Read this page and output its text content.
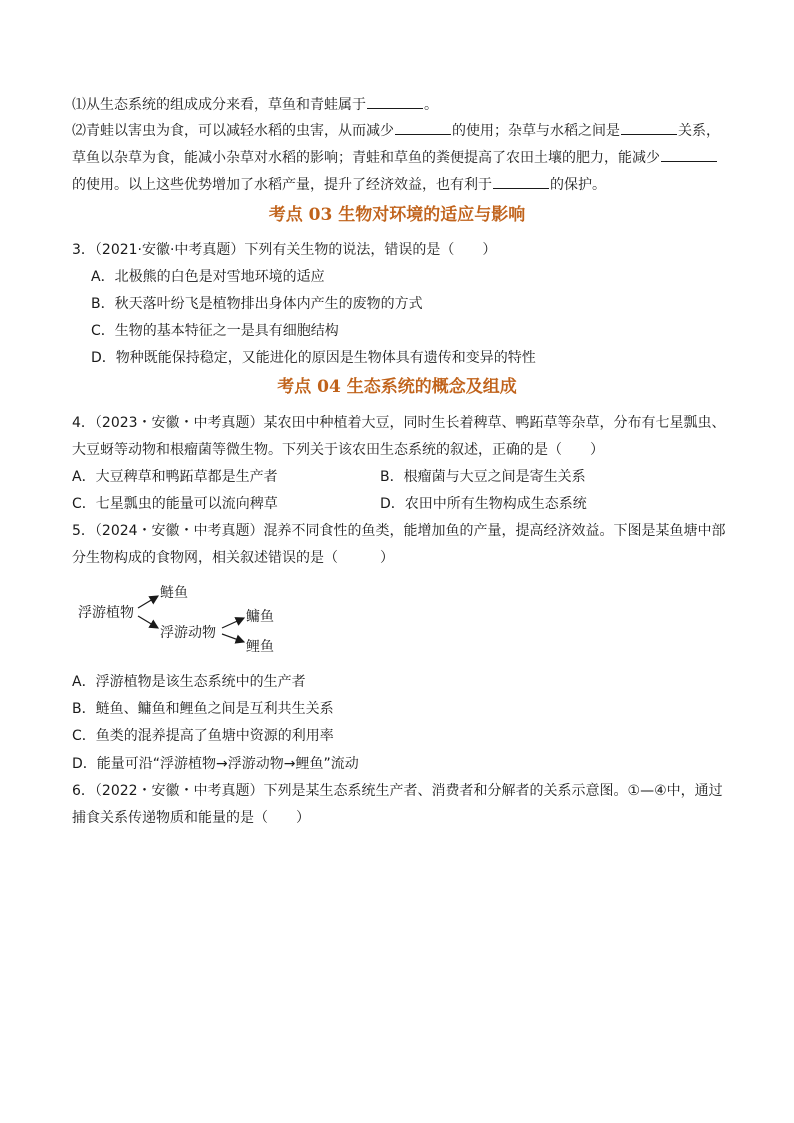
⑴从生态系统的组成成分来看，草鱼和青蛙属于	。
⑵青蛙以害虫为食，可以减轻水稻的虫害，从而减少	的使用；杂草与水稻之间是	关系，
草鱼以杂草为食，能减小杂草对水稻的影响；青蛙和草鱼的粪便提高了农田土壤的肥力，能减少
的使用。以上这些优势增加了水稻产量，提升了经济效益，也有利于	的保护。
考点 03 生物对环境的适应与影响
3．（2021·安徽·中考真题）下列有关生物的说法，错误的是（　　）
A．北极熊的白色是对雪地环境的适应
B．秋天落叶纷飞是植物排出身体内产生的废物的方式
C．生物的基本特征之一是具有细胞结构
D．物种既能保持稳定，又能进化的原因是生物体具有遗传和变异的特性
考点 04 生态系统的概念及组成
4．（2023・安徽・中考真题）某农田中种植着大豆，同时生长着稗草、鸭跖草等杂草，分布有七星瓢虫、
大豆蚜等动物和根瘤菌等微生物。下列关于该农田生态系统的叙述，正确的是（　　）
A．大豆稗草和鸭跖草都是生产者	B．根瘤菌与大豆之间是寄生关系
C．七星瓢虫的能量可以流向稗草	D．农田中所有生物构成生态系统
5．（2024・安徽・中考真题）混养不同食性的鱼类，能增加鱼的产量，提高经济效益。下图是某鱼塘中部
分生物构成的食物网，相关叙述错误的是（　　　）
浮游植物
鲢鱼
浮游动物
鳙鱼
鲤鱼
A．浮游植物是该生态系统中的生产者
B．鲢鱼、鳙鱼和鲤鱼之间是互利共生关系
C．鱼类的混养提高了鱼塘中资源的利用率
D．能量可沿“浮游植物→浮游动物→鲤鱼”流动
6．（2022・安徽・中考真题）下列是某生态系统生产者、消费者和分解者的关系示意图。①—④中，通过
捕食关系传递物质和能量的是（　　）
